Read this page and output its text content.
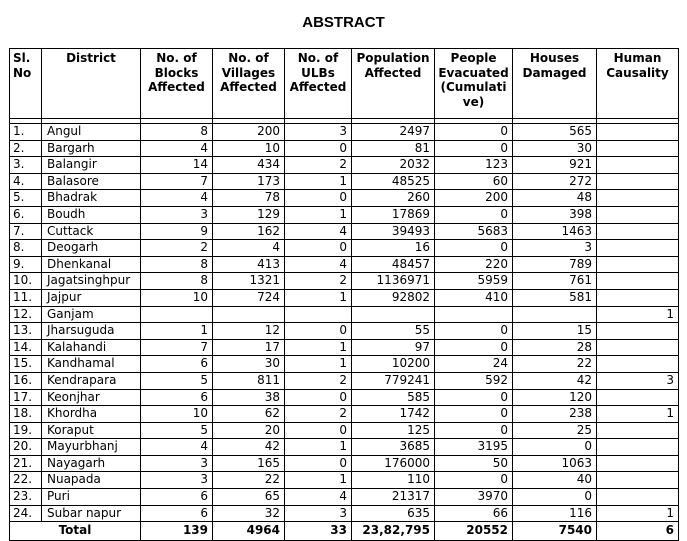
ABSTRACT
Sl. No	District	No. of Blocks Affected	No. of Villages Affected	No. of ULBs Affected	Population Affected	People Evacuated (Cumulati ve)	Houses Damaged	Human Causality

1.	Angul	8	200	3	2497	0	565	
2.	Bargarh	4	10	0	81	0	30	
3.	Balangir	14	434	2	2032	123	921	
4.	Balasore	7	173	1	48525	60	272	
5.	Bhadrak	4	78	0	260	200	48	
6.	Boudh	3	129	1	17869	0	398	
7.	Cuttack	9	162	4	39493	5683	1463	
8.	Deogarh	2	4	0	16	0	3	
9.	Dhenkanal	8	413	4	48457	220	789	
10.	Jagatsinghpur	8	1321	2	1136971	5959	761	
11.	Jajpur	10	724	1	92802	410	581	
12.	Ganjam							1
13.	Jharsuguda	1	12	0	55	0	15	
14.	Kalahandi	7	17	1	97	0	28	
15.	Kandhamal	6	30	1	10200	24	22	
16.	Kendrapara	5	811	2	779241	592	42	3
17.	Keonjhar	6	38	0	585	0	120	
18.	Khordha	10	62	2	1742	0	238	1
19.	Koraput	5	20	0	125	0	25	
20.	Mayurbhanj	4	42	1	3685	3195	0	
21.	Nayagarh	3	165	0	176000	50	1063	
22.	Nuapada	3	22	1	110	0	40	
23.	Puri	6	65	4	21317	3970	0	
24.	Subar napur	6	32	3	635	66	116	1
Total		139	4964	33	23,82,795	20552	7540	6
